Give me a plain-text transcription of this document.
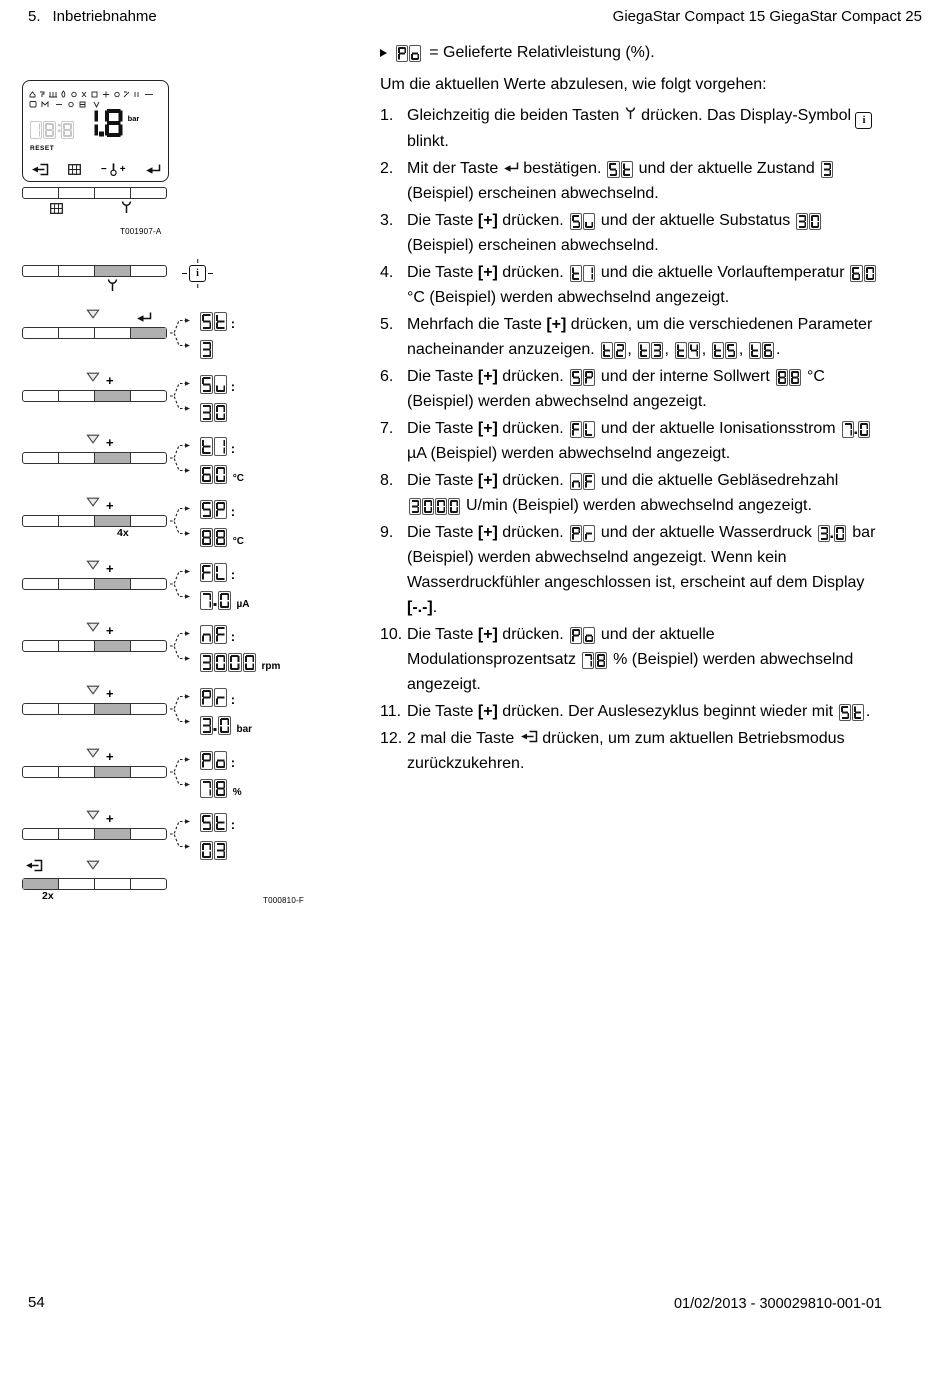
5. Inbetriebnahme	GiegaStar Compact 15 GiegaStar Compact 25
bar
RESET
− +
T001907-A
T000810-F
i
:
+	:
+	:
°C
+
4x
:
°C
+	:
µA
+	:
rpm
+	:
bar
+	:
%
+	:
2x
= Gelieferte Relativleistung (%).
Um die aktuellen Werte abzulesen, wie folgt vorgehen:
1. Gleichzeitig die beiden Tasten  drücken. Das Display-Symbol i blinkt.
2. Mit der Taste  bestätigen.
und der aktuelle Zustand
(Beispiel) erscheinen abwechselnd.
3. Die Taste [+] drücken.
und der aktuelle Substatus
(Beispiel) erscheinen abwechselnd.
4. Die Taste [+] drücken.
und die aktuelle Vorlauftemperatur
°C (Beispiel) werden abwechselnd angezeigt.
5. Mehrfach die Taste [+] drücken, um die verschiedenen Parameter nacheinander anzuzeigen.
,
,
,
,
.
6. Die Taste [+] drücken.
und der interne Sollwert
°C (Beispiel) werden abwechselnd angezeigt.
7. Die Taste [+] drücken.
und der aktuelle Ionisationsstrom
µA (Beispiel) werden abwechselnd angezeigt.
8. Die Taste [+] drücken.
und die aktuelle Gebläsedrehzahl
U/min (Beispiel) werden abwechselnd angezeigt.
9. Die Taste [+] drücken.
und der aktuelle Wasserdruck
bar (Beispiel) werden abwechselnd angezeigt. Wenn kein Wasserdruckfühler angeschlossen ist, erscheint auf dem Display [-.-].
10. Die Taste [+] drücken.
und der aktuelle Modulationsprozentsatz
% (Beispiel) werden abwechselnd angezeigt.
11. Die Taste [+] drücken. Der Auslesezyklus beginnt wieder mit
.
12. 2 mal die Taste  drücken, um zum aktuellen Betriebsmodus zurückzukehren.
54	01/02/2013 - 300029810-001-01
